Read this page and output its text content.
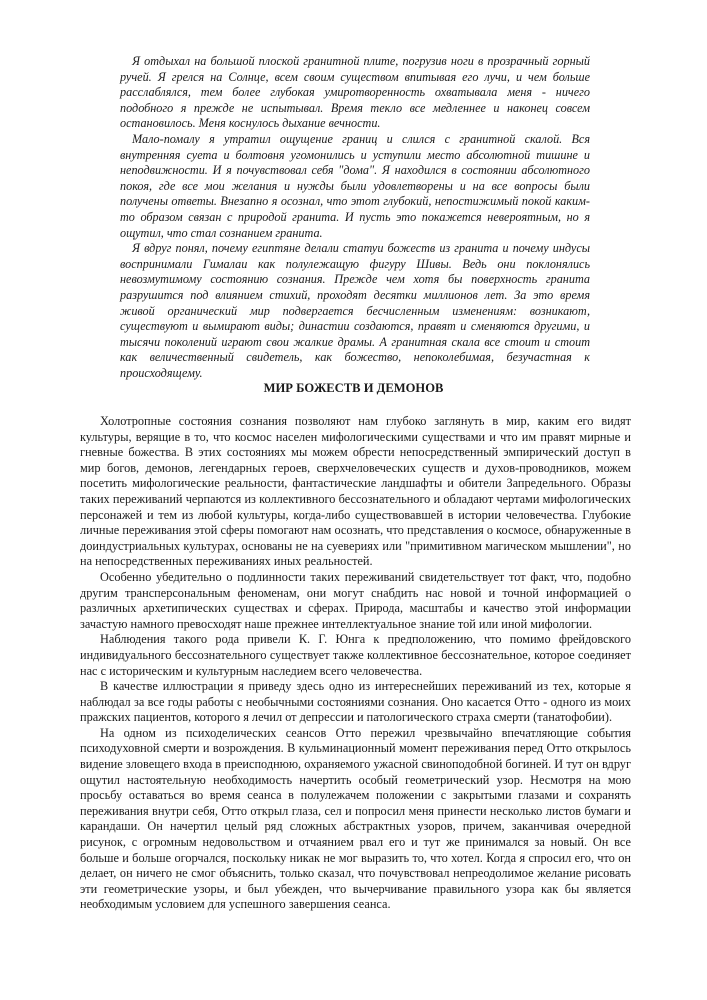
Я отдыхал на большой плоской гранитной плите, погрузив ноги в прозрачный горный ручей. Я грелся на Солнце, всем своим существом впитывая его лучи, и чем больше расслаблялся, тем более глубокая умиротворенность охватывала меня - ничего подобного я прежде не испытывал. Время текло все медленнее и наконец совсем остановилось. Меня коснулось дыхание вечности.

Мало-помалу я утратил ощущение границ и слился с гранитной скалой. Вся внутренняя суета и болтовня угомонились и уступили место абсолютной тишине и неподвижности. И я почувствовал себя "дома". Я находился в состоянии абсолютного покоя, где все мои желания и нужды были удовлетворены и на все вопросы были получены ответы. Внезапно я осознал, что этот глубокий, непостижимый покой каким-то образом связан с природой гранита. И пусть это покажется невероятным, но я ощутил, что стал сознанием гранита.

Я вдруг понял, почему египтяне делали статуи божеств из гранита и почему индусы воспринимали Гималаи как полулежащую фигуру Шивы. Ведь они поклонялись невозмутимому состоянию сознания. Прежде чем хотя бы поверхность гранита разрушится под влиянием стихий, проходят десятки миллионов лет. За это время живой органический мир подвергается бесчисленным изменениям: возникают, существуют и вымирают виды; династии создаются, правят и сменяются другими, и тысячи поколений играют свои жалкие драмы. А гранитная скала все стоит и стоит как величественный свидетель, как божество, непоколебимая, безучастная к происходящему.

МИР БОЖЕСТВ И ДЕМОНОВ

Холотропные состояния сознания позволяют нам глубоко заглянуть в мир, каким его видят культуры, верящие в то, что космос населен мифологическими существами и что им правят мирные и гневные божества. В этих состояниях мы можем обрести непосредственный эмпирический доступ в мир богов, демонов, легендарных героев, сверхчеловеческих существ и духов-проводников, можем посетить мифологические реальности, фантастические ландшафты и обители Запредельного. Образы таких переживаний черпаются из коллективного бессознательного и обладают чертами мифологических персонажей и тем из любой культуры, когда-либо существовавшей в истории человечества. Глубокие личные переживания этой сферы помогают нам осознать, что представления о космосе, обнаруженные в доиндустриальных культурах, основаны не на суевериях или "примитивном магическом мышлении", но на непосредственных переживаниях иных реальностей.

Особенно убедительно о подлинности таких переживаний свидетельствует тот факт, что, подобно другим трансперсональным феноменам, они могут снабдить нас новой и точной информацией о различных архетипических существах и сферах. Природа, масштабы и качество этой информации зачастую намного превосходят наше прежнее интеллектуальное знание той или иной мифологии.

Наблюдения такого рода привели К. Г. Юнга к предположению, что помимо фрейдовского индивидуального бессознательного существует также коллективное бессознательное, которое соединяет нас с историческим и культурным наследием всего человечества.

В качестве иллюстрации я приведу здесь одно из интереснейших переживаний из тех, которые я наблюдал за все годы работы с необычными состояниями сознания. Оно касается Отто - одного из моих пражских пациентов, которого я лечил от депрессии и патологического страха смерти (танатофобии).

На одном из психоделических сеансов Отто пережил чрезвычайно впечатляющие события психодуховной смерти и возрождения. В кульминационный момент переживания перед Отто открылось видение зловещего входа в преисподнюю, охраняемого ужасной свиноподобной богиней. И тут он вдруг ощутил настоятельную необходимость начертить особый геометрический узор. Несмотря на мою просьбу оставаться во время сеанса в полулежачем положении с закрытыми глазами и сохранять переживания внутри себя, Отто открыл глаза, сел и попросил меня принести несколько листов бумаги и карандаши. Он начертил целый ряд сложных абстрактных узоров, причем, заканчивая очередной рисунок, с огромным недовольством и отчаянием рвал его и тут же принимался за новый. Он все больше и больше огорчался, поскольку никак не мог выразить то, что хотел. Когда я спросил его, что он делает, он ничего не смог объяснить, только сказал, что почувствовал непреодолимое желание рисовать эти геометрические узоры, и был убежден, что вычерчивание правильного узора как бы является необходимым условием для успешного завершения сеанса.
